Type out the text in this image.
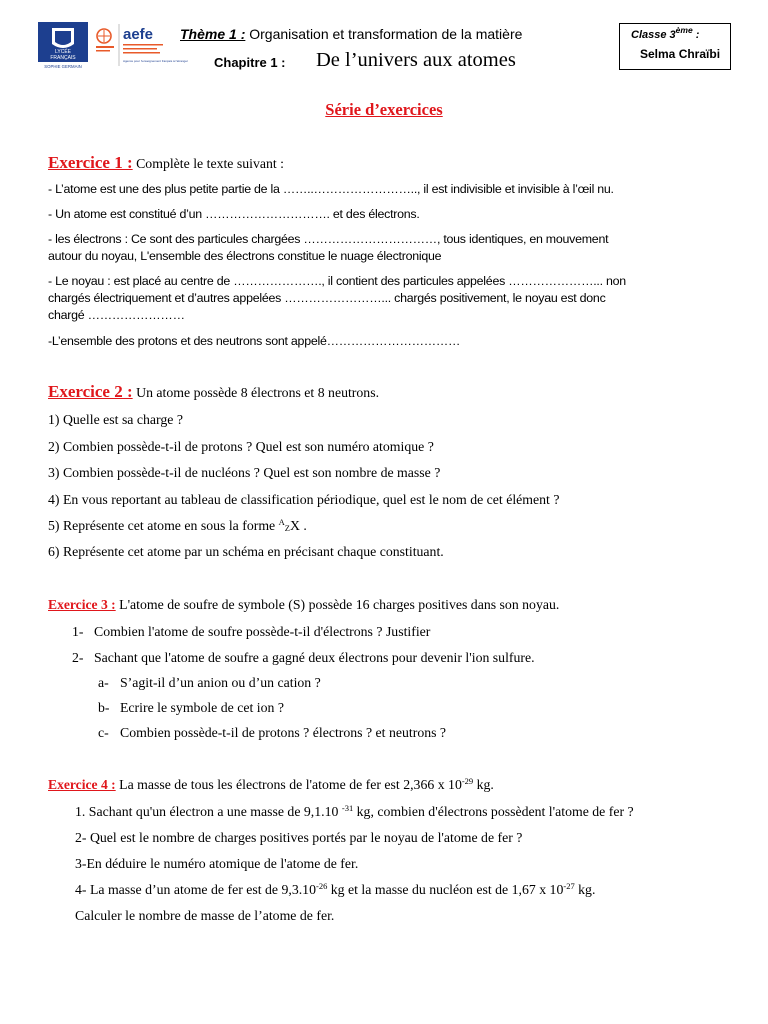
LYCÉE
FRANÇAIS
SOPHIE GERMAIN
aefe
Agence pour l'enseignement français à l'étranger
Thème 1 : Organisation et transformation de la matière
Chapitre 1 : De l’univers aux atomes
Classe 3ème :
Selma Chraïbi
Série d’exercices
Exercice 1 : Complète le texte suivant :
- L’atome est une des plus petite partie de la ……..…………………….., il est indivisible et invisible à l’œil nu.
- Un atome est constitué d’un …………………………. et des électrons.
- les électrons : Ce sont des particules chargées ……………………………, tous identiques, en mouvement
autour du noyau, L'ensemble des électrons constitue le nuage électronique
- Le noyau : est placé au centre de …………………., il contient des particules appelées …………………... non
chargés électriquement et d’autres appelées ……………………... chargés positivement, le noyau est donc
chargé ……………………
-L’ensemble des protons et des neutrons sont appelé……………………………
Exercice 2 : Un atome possède 8 électrons et 8 neutrons.
1) Quelle est sa charge ?
2) Combien possède-t-il de protons ? Quel est son numéro atomique ?
3) Combien possède-t-il de nucléons ? Quel est son nombre de masse ?
4) En vous reportant au tableau de classification périodique, quel est le nom de cet élément ?
5) Représente cet atome en sous la forme $^A_Z$X .
6) Représente cet atome par un schéma en précisant chaque constituant.
Exercice 3 : L'atome de soufre de symbole (S) possède 16 charges positives dans son noyau.
1- Combien l'atome de soufre possède-t-il d'électrons ? Justifier
2- Sachant que l'atome de soufre a gagné deux électrons pour devenir l'ion sulfure.
a- S’agit-il d’un anion ou d’un cation ?
b- Ecrire le symbole de cet ion ?
c- Combien possède-t-il de protons ? électrons ? et neutrons ?
Exercice 4 : La masse de tous les électrons de l'atome de fer est 2,366 x $10^{-29}$ kg.
1. Sachant qu'un électron a une masse de 9,1.10 $^{-31}$ kg, combien d'électrons possèdent l'atome de fer ?
2- Quel est le nombre de charges positives portés par le noyau de l'atome de fer ?
3-En déduire le numéro atomique de l'atome de fer.
4- La masse d’un atome de fer est de $9,3.10^{-26}$ kg et la masse du nucléon est de 1,67 x $10^{-27}$ kg.
Calculer le nombre de masse de l’atome de fer.
